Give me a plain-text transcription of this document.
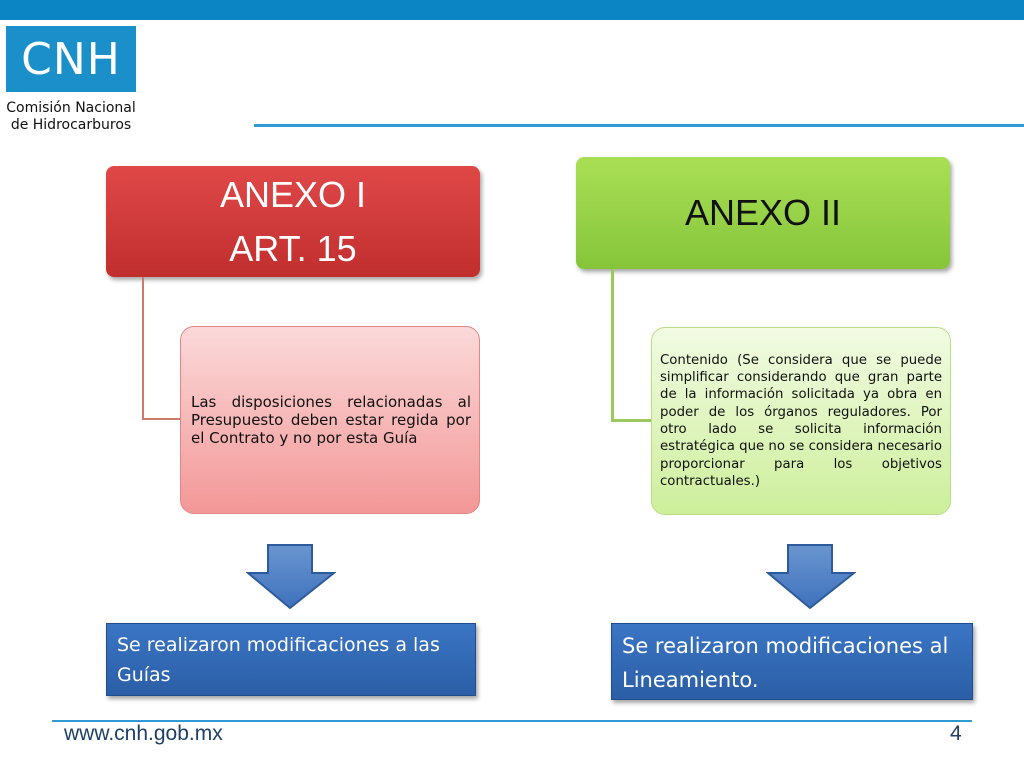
CNH
Comisión Nacional
de Hidrocarburos
ANEXO I
ART. 15
Las disposiciones relacionadas al Presupuesto deben estar regida por el Contrato y no por esta Guía
Se realizaron modificaciones a las Guías
ANEXO II
Contenido (Se considera que se puede simplificar considerando que gran parte de la información solicitada ya obra en poder de los órganos reguladores. Por otro lado se solicita información estratégica que no se considera necesario proporcionar para los objetivos contractuales.)
Se realizaron modificaciones al Lineamiento.
www.cnh.gob.mx	4
